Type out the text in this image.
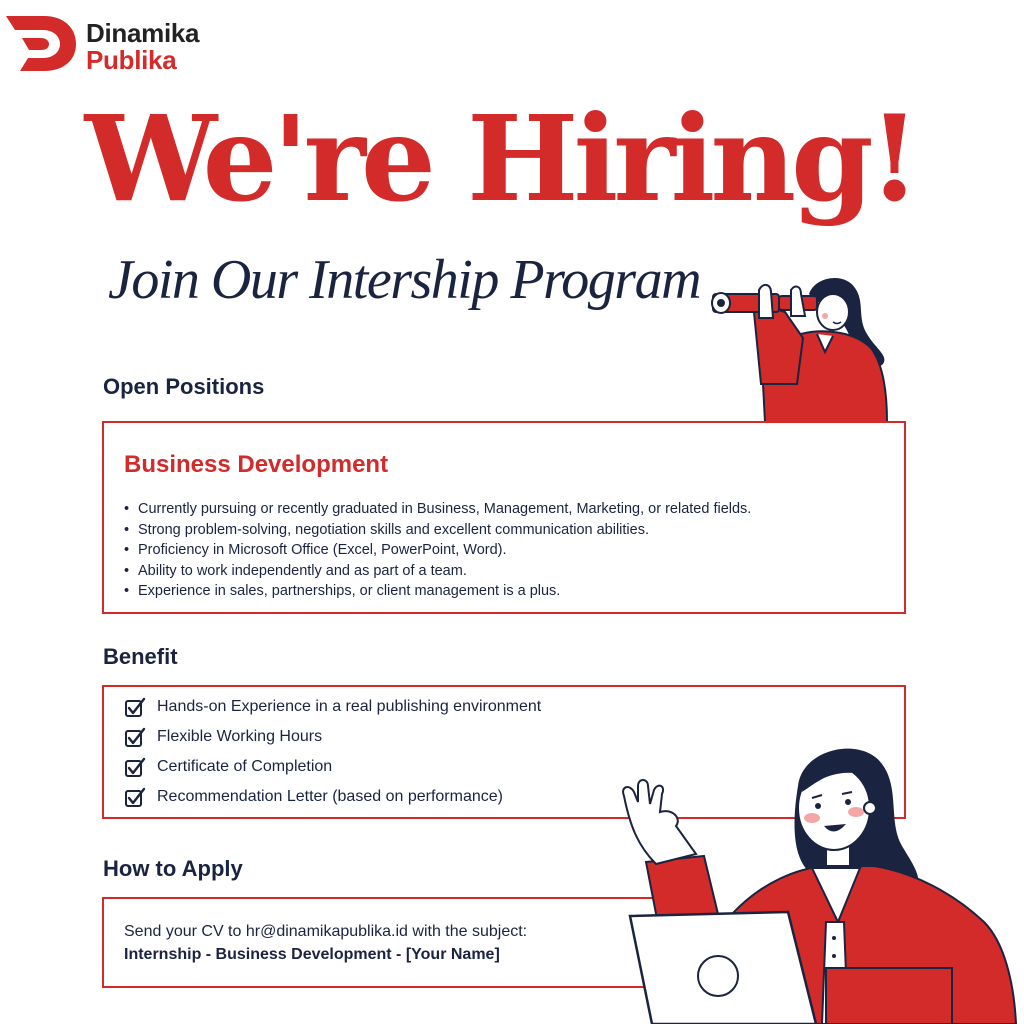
Dinamika
Publika
We're Hiring!
Join Our Intership Program
Open Positions
Business Development
• Currently pursuing or recently graduated in Business, Management, Marketing, or related fields.
• Strong problem-solving, negotiation skills and excellent communication abilities.
• Proficiency in Microsoft Office (Excel, PowerPoint, Word).
• Ability to work independently and as part of a team.
• Experience in sales, partnerships, or client management is a plus.
Benefit
Hands-on Experience in a real publishing environment
Flexible Working Hours
Certificate of Completion
Recommendation Letter (based on performance)
How to Apply
Send your CV to hr@dinamikapublika.id with the subject:
Internship - Business Development - [Your Name]
